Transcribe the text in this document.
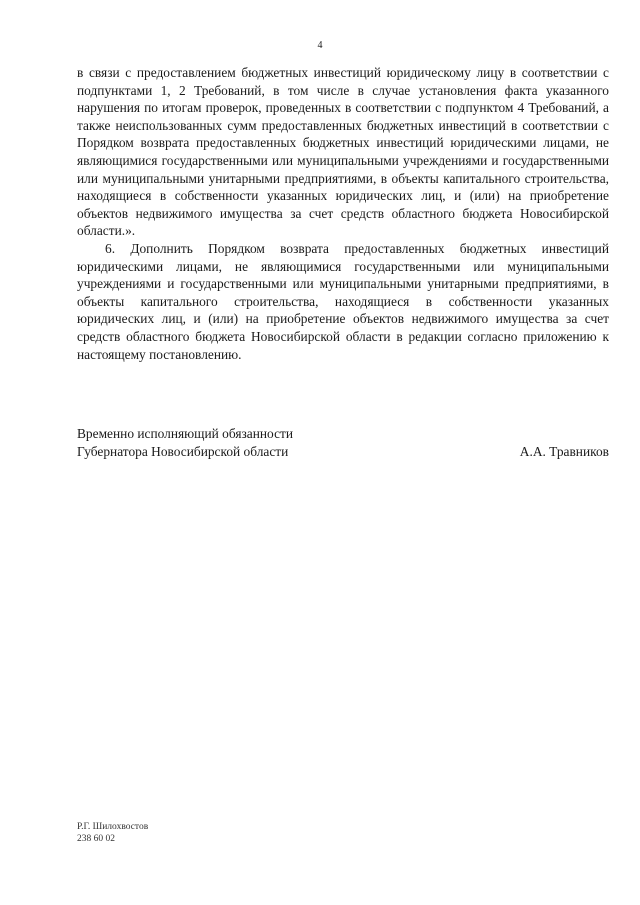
4

в связи с предоставлением бюджетных инвестиций юридическому лицу в соответствии с подпунктами 1, 2 Требований, в том числе в случае установления факта указанного нарушения по итогам проверок, проведенных в соответствии с подпунктом 4 Требований, а также неиспользованных сумм предоставленных бюджетных инвестиций в соответствии с Порядком возврата предоставленных бюджетных инвестиций юридическими лицами, не являющимися государственными или муниципальными учреждениями и государственными или муниципальными унитарными предприятиями, в объекты капитального строительства, находящиеся в собственности указанных юридических лиц, и (или) на приобретение объектов недвижимого имущества за счет средств областного бюджета Новосибирской области.».

6. Дополнить Порядком возврата предоставленных бюджетных инвестиций юридическими лицами, не являющимися государственными или муниципальными учреждениями и государственными или муниципальными унитарными предприятиями, в объекты капитального строительства, находящиеся в собственности указанных юридических лиц, и (или) на приобретение объектов недвижимого имущества за счет средств областного бюджета Новосибирской области в редакции согласно приложению к настоящему постановлению.

Временно исполняющий обязанности
Губернатора Новосибирской области	А.А. Травников
Р.Г. Шилохвостов
238 60 02
